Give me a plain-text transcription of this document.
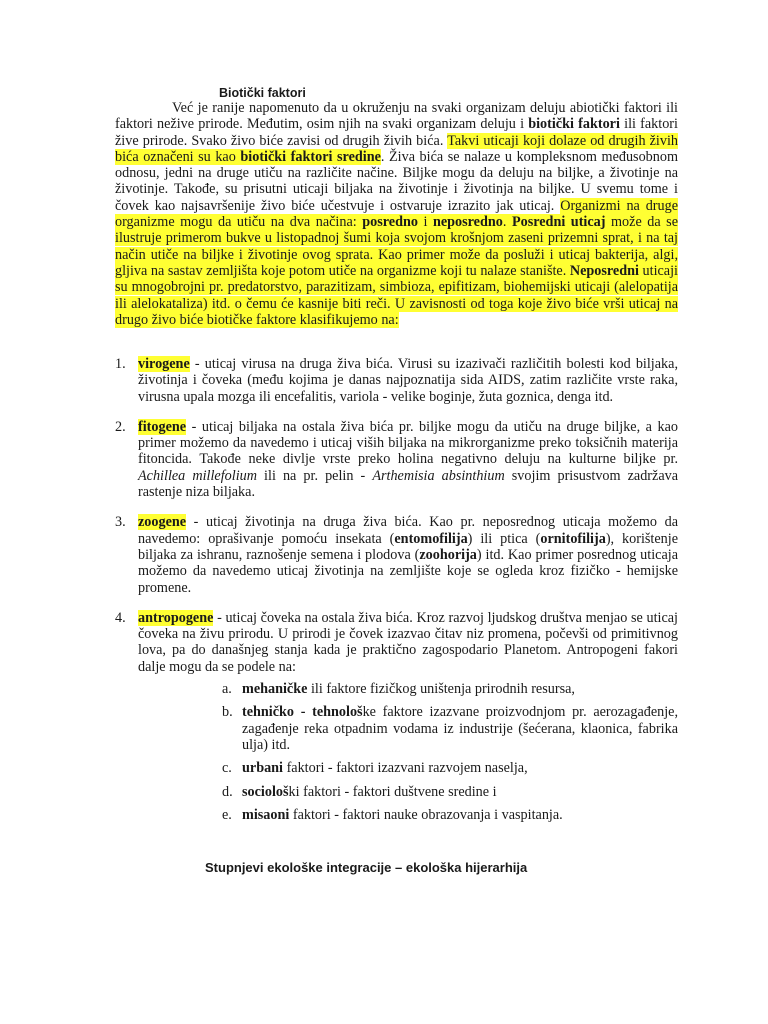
Biotički faktori

Već je ranije napomenuto da u okruženju na svaki organizam deluju abiotički faktori ili faktori nežive prirode. Međutim, osim njih na svaki organizam deluju i biotički faktori ili faktori žive prirode. Svako živo biće zavisi od drugih živih bića. Takvi uticaji koji dolaze od drugih živih bića označeni su kao biotički faktori sredine. Živa bića se nalaze u kompleksnom međusobnom odnosu, jedni na druge utiču na različite načine. Biljke mogu da deluju na biljke, a životinje na životinje. Takođe, su prisutni uticaji biljaka na životinje i životinja na biljke. U svemu tome i čovek kao najsavršenije živo biće učestvuje i ostvaruje izrazito jak uticaj. Organizmi na druge organizme mogu da utiču na dva načina: posredno i neposredno. Posredni uticaj može da se ilustruje primerom bukve u listopadnoj šumi koja svojom krošnjom zaseni prizemni sprat, i na taj način utiče na biljke i životinje ovog sprata. Kao primer može da posluži i uticaj bakterija, algi, gljiva na sastav zemljišta koje potom utiče na organizme koji tu nalaze stanište. Neposredni uticaji su mnogobrojni pr. predatorstvo, parazitizam, simbioza, epifitizam, biohemijski uticaji (alelopatija ili alelokataliza) itd. o čemu će kasnije biti reči. U zavisnosti od toga koje živo biće vrši uticaj na drugo živo biće biotičke faktore klasifikujemo na:

1. virogene - uticaj virusa na druga živa bića. Virusi su izazivači različitih bolesti kod biljaka, životinja i čoveka (među kojima je danas najpoznatija sida AIDS, zatim različite vrste raka, virusna upala mozga ili encefalitis, variola - velike boginje, žuta goznica, denga itd.
2. fitogene - uticaj biljaka na ostala živa bića pr. biljke mogu da utiču na druge biljke, a kao primer možemo da navedemo i uticaj viših biljaka na mikrorganizme preko toksičnih materija fitoncida. Takođe neke divlje vrste preko holina negativno deluju na kulturne biljke pr. Achillea millefolium ili na pr. pelin - Arthemisia absinthium svojim prisustvom zadržava rastenje niza biljaka.
3. zoogene - uticaj životinja na druga živa bića. Kao pr. neposrednog uticaja možemo da navedemo: oprašivanje pomoću insekata (entomofilija) ili ptica (ornitofilija), korištenje biljaka za ishranu, raznošenje semena i plodova (zoohorija) itd. Kao primer posrednog uticaja možemo da navedemo uticaj životinja na zemljište koje se ogleda kroz fizičko - hemijske promene.
4. antropogene - uticaj čoveka na ostala živa bića. Kroz razvoj ljudskog društva menjao se uticaj čoveka na živu prirodu. U prirodi je čovek izazvao čitav niz promena, počevši od primitivnog lova, pa do današnjeg stanja kada je praktično zagospodario Planetom. Antropogeni fakori dalje mogu da se podele na:
a. mehaničke ili faktore fizičkog uništenja prirodnih resursa,
b. tehničko - tehnološke faktore izazvane proizvodnjom pr. aerozagađenje, zagađenje reka otpadnim vodama iz industrije (šećerana, klaonica, fabrika ulja) itd.
c. urbani faktori - faktori izazvani razvojem naselja,
d. sociološki faktori - faktori duštvene sredine i
e. misaoni faktori - faktori nauke obrazovanja i vaspitanja.
Stupnjevi ekološke integracije – ekološka hijerarhija
